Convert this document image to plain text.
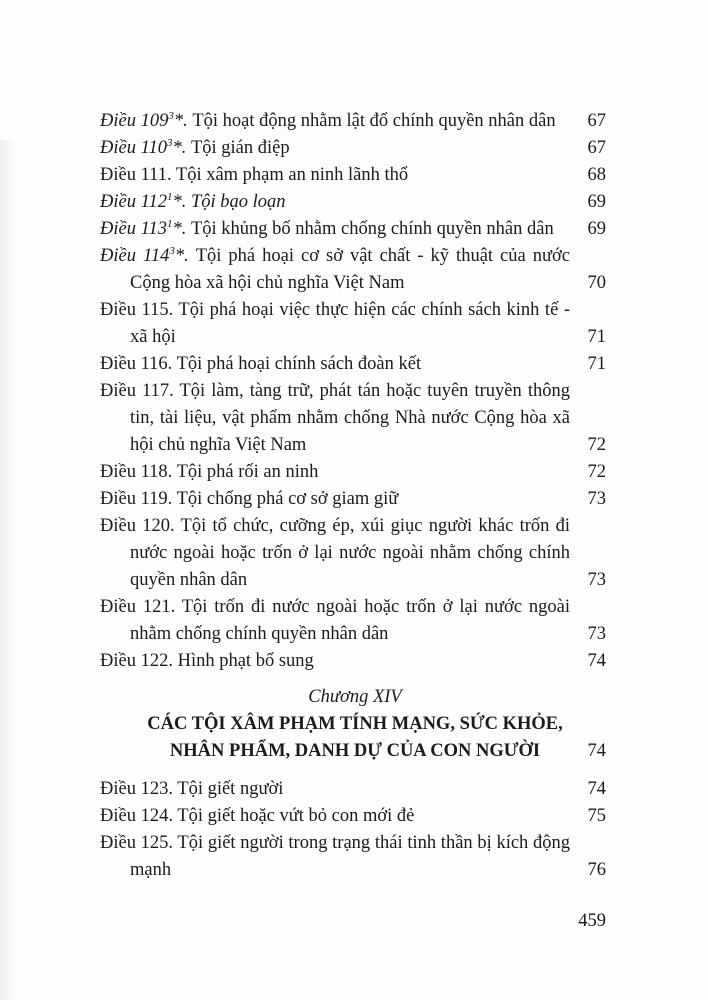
Điều 109$^3$*. Tội hoạt động nhằm lật đổ chính quyền nhân dân	67
Điều 110$^3$*. Tội gián điệp	67
Điều 111. Tội xâm phạm an ninh lãnh thổ	68
Điều 112$^1$*. Tội bạo loạn	69
Điều 113$^1$*. Tội khủng bố nhằm chống chính quyền nhân dân	69
Điều 114$^3$*. Tội phá hoại cơ sở vật chất - kỹ thuật của nước Cộng hòa xã hội chủ nghĩa Việt Nam	70
Điều 115. Tội phá hoại việc thực hiện các chính sách kinh tế - xã hội	71
Điều 116. Tội phá hoại chính sách đoàn kết	71
Điều 117. Tội làm, tàng trữ, phát tán hoặc tuyên truyền thông tin, tài liệu, vật phẩm nhằm chống Nhà nước Cộng hòa xã hội chủ nghĩa Việt Nam	72
Điều 118. Tội phá rối an ninh	72
Điều 119. Tội chống phá cơ sở giam giữ	73
Điều 120. Tội tổ chức, cưỡng ép, xúi giục người khác trốn đi nước ngoài hoặc trốn ở lại nước ngoài nhằm chống chính quyền nhân dân	73
Điều 121. Tội trốn đi nước ngoài hoặc trốn ở lại nước ngoài nhằm chống chính quyền nhân dân	73
Điều 122. Hình phạt bổ sung	74
Chương XIV
CÁC TỘI XÂM PHẠM TÍNH MẠNG, SỨC KHỎE,
NHÂN PHẨM, DANH DỰ CỦA CON NGƯỜI	74
Điều 123. Tội giết người	74
Điều 124. Tội giết hoặc vứt bỏ con mới đẻ	75
Điều 125. Tội giết người trong trạng thái tinh thần bị kích động mạnh	76
459
